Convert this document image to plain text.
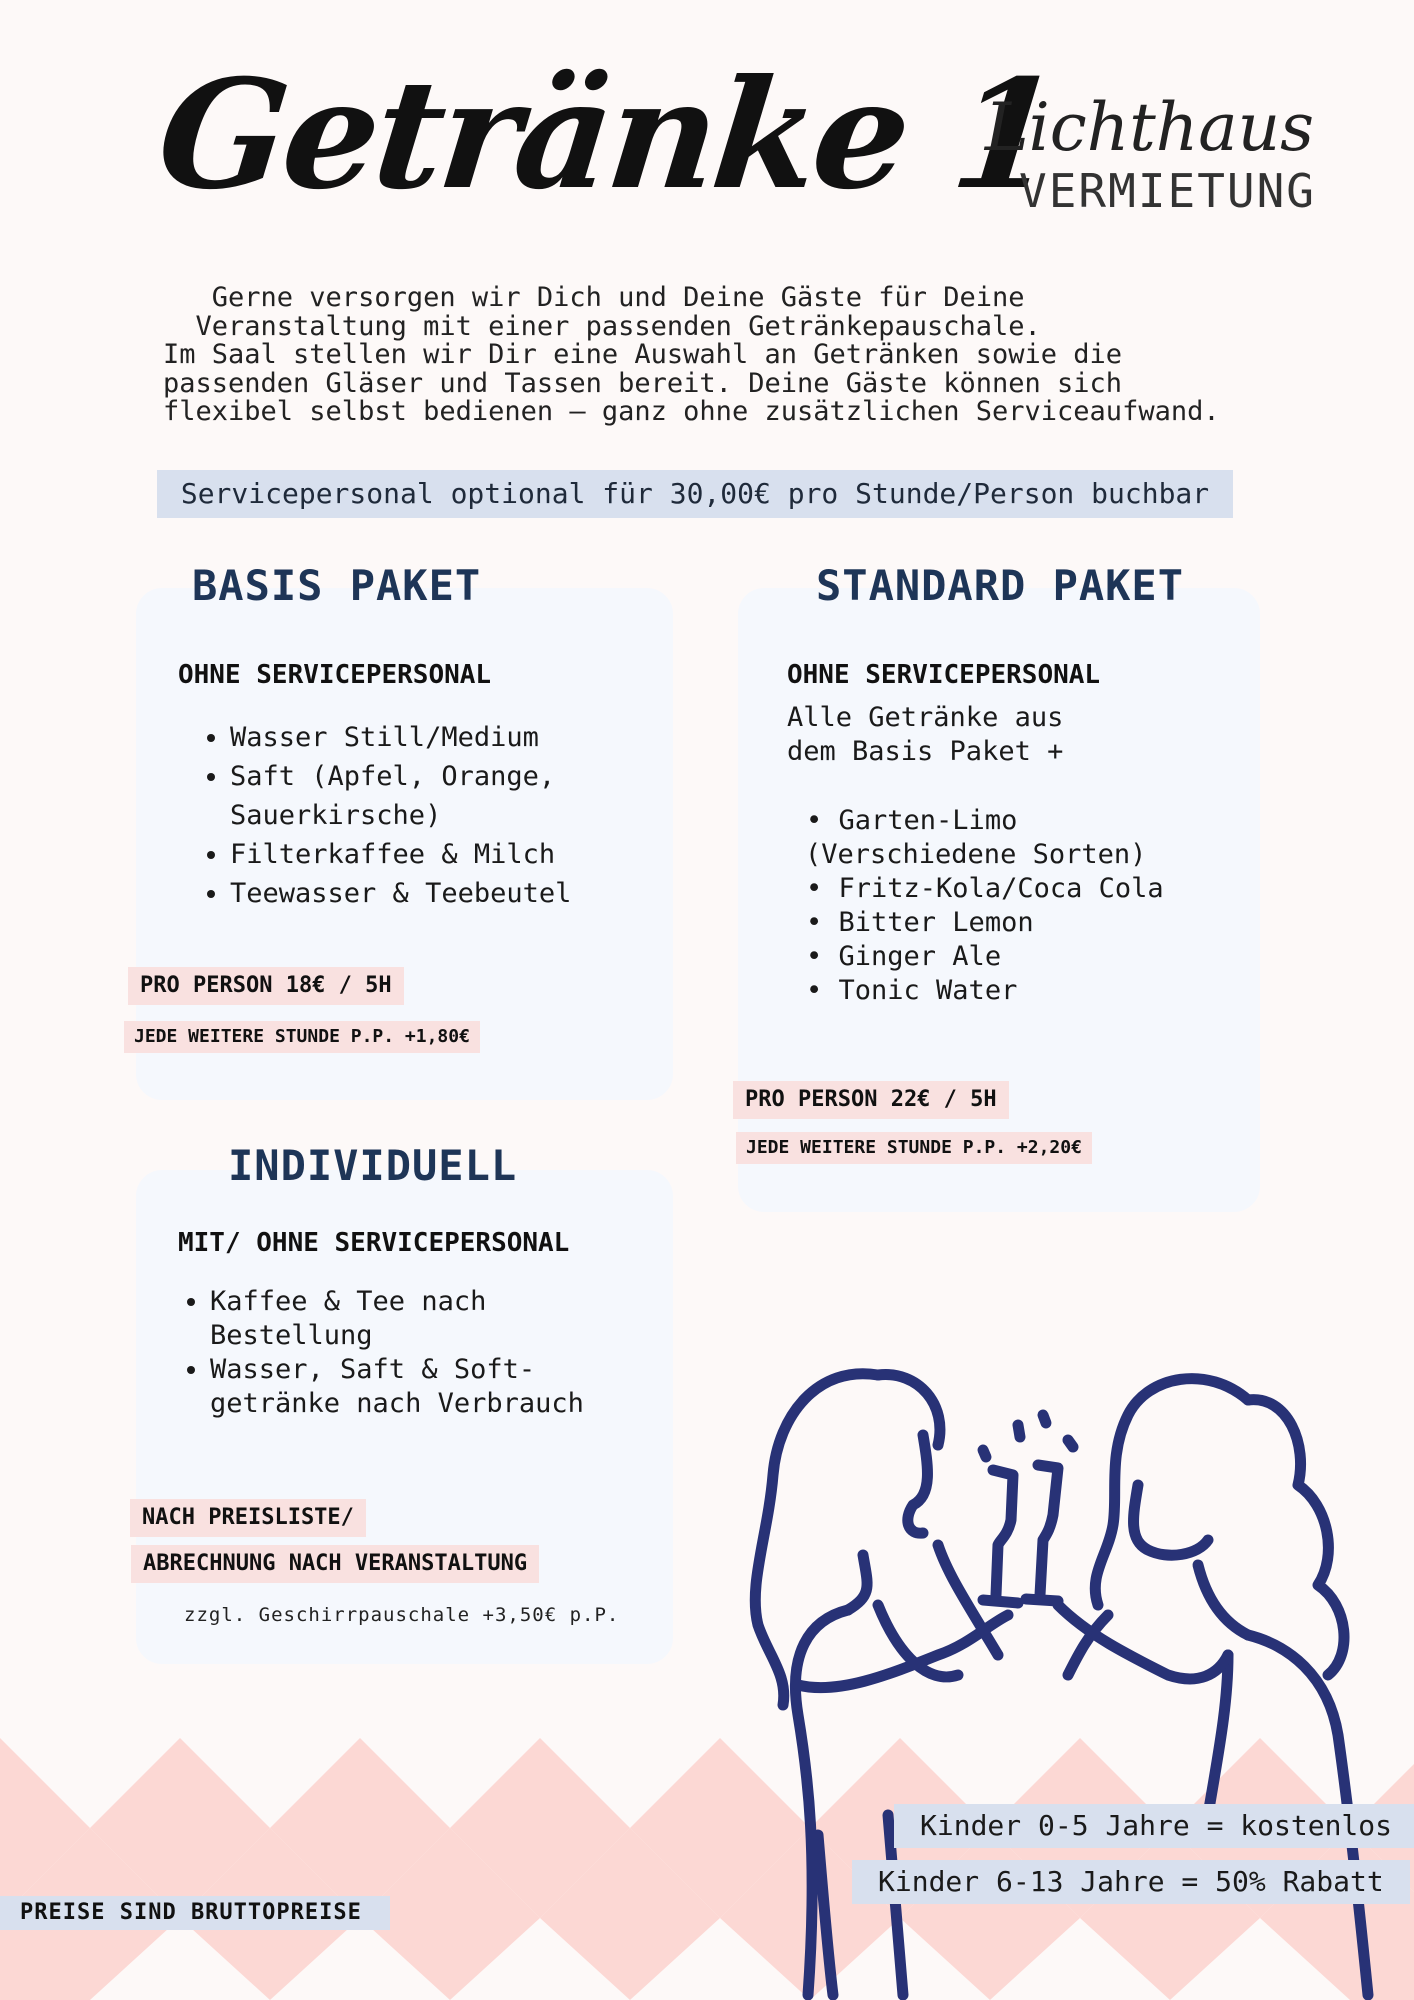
Getränke 1
Lichthaus
VERMIETUNG
Gerne versorgen wir Dich und Deine Gäste für Deine
Veranstaltung mit einer passenden Getränkepauschale.
Im Saal stellen wir Dir eine Auswahl an Getränken sowie die
passenden Gläser und Tassen bereit. Deine Gäste können sich
flexibel selbst bedienen – ganz ohne zusätzlichen Serviceaufwand.
Servicepersonal optional für 30,00€ pro Stunde/Person buchbar
BASIS PAKET
OHNE SERVICEPERSONAL
• Wasser Still/Medium
• Saft (Apfel, Orange, Sauerkirsche)
• Filterkaffee & Milch
• Teewasser & Teebeutel
PRO PERSON 18€ / 5H
JEDE WEITERE STUNDE P.P. +1,80€
STANDARD PAKET
OHNE SERVICEPERSONAL
Alle Getränke aus
dem Basis Paket +
• Garten-Limo
(Verschiedene Sorten)
• Fritz-Kola/Coca Cola
• Bitter Lemon
• Ginger Ale
• Tonic Water
PRO PERSON 22€ / 5H
JEDE WEITERE STUNDE P.P. +2,20€
INDIVIDUELL
MIT/ OHNE SERVICEPERSONAL
• Kaffee & Tee nach Bestellung
• Wasser, Saft & Soft-getränke nach Verbrauch
NACH PREISLISTE/
ABRECHNUNG NACH VERANSTALTUNG
zzgl. Geschirrpauschale +3,50€ p.P.
Kinder 0-5 Jahre = kostenlos
Kinder 6-13 Jahre = 50% Rabatt
PREISE SIND BRUTTOPREISE
